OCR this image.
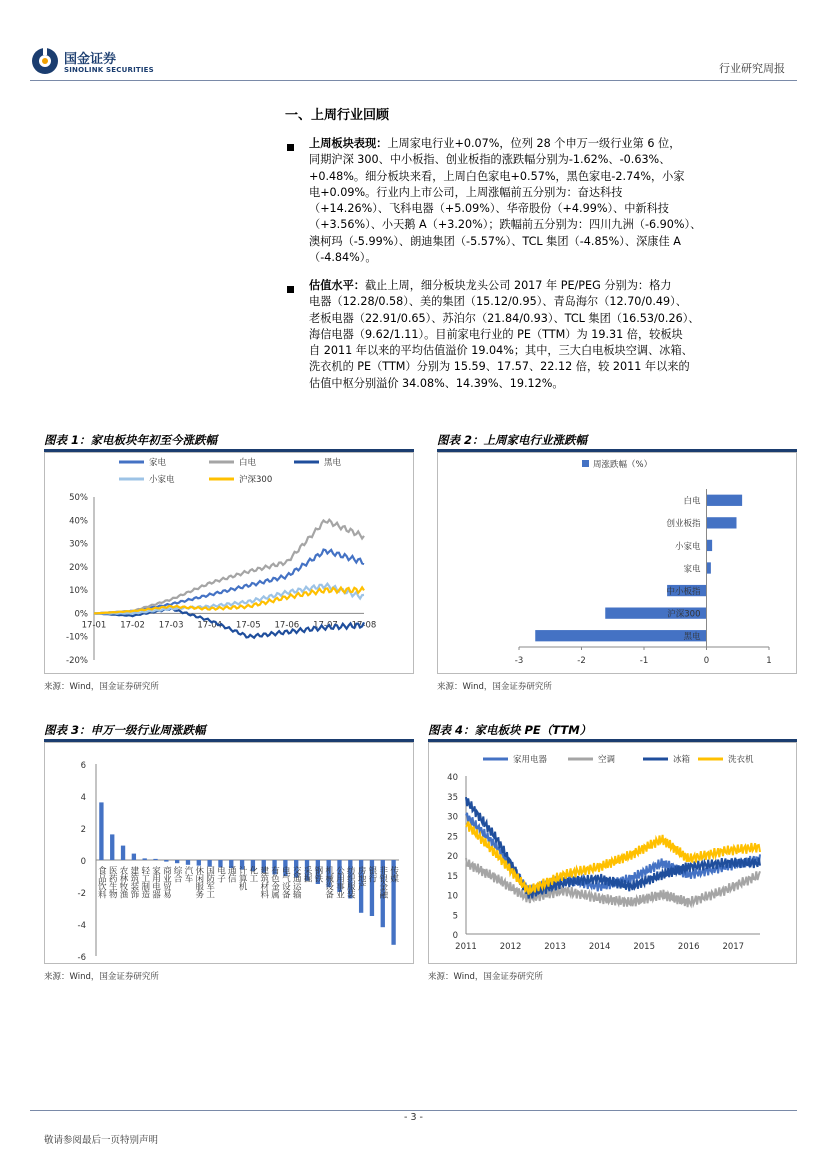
国金证券
SINOLINK SECURITIES	行业研究周报
一、上周行业回顾
上周板块表现：上周家电行业+0.07%，位列 28 个申万一级行业第 6 位，
同期沪深 300、中小板指、创业板指的涨跌幅分别为-1.62%、-0.63%、
+0.48%。细分板块来看，上周白色家电+0.57%，黑色家电-2.74%，小家
电+0.09%。行业内上市公司，上周涨幅前五分别为：奋达科技
（+14.26%）、飞科电器（+5.09%）、华帝股份（+4.99%）、中新科技
（+3.56%）、小天鹅 A（+3.20%）；跌幅前五分别为：四川九洲（-6.90%）、
澳柯玛（-5.99%）、朗迪集团（-5.57%）、TCL 集团（-4.85%）、深康佳 A
（-4.84%）。
估值水平：截止上周，细分板块龙头公司 2017 年 PE/PEG 分别为：格力
电器（12.28/0.58）、美的集团（15.12/0.95）、青岛海尔（12.70/0.49）、
老板电器（22.91/0.65）、苏泊尔（21.84/0.93）、TCL 集团（16.53/0.26）、
海信电器（9.62/1.11）。目前家电行业的 PE（TTM）为 19.31 倍，较板块
自 2011 年以来的平均估值溢价 19.04%；其中，三大白电板块空调、冰箱、
洗衣机的 PE（TTM）分别为 15.59、17.57、22.12 倍，较 2011 年以来的
估值中枢分别溢价 34.08%、14.39%、19.12%。
图表 1：家电板块年初至今涨跌幅
家电	白电	黑电
小家电	沪深300
50%
40%
30%
20%
10%
0%
-10%
-20%
17-01 17-02 17-03 17-04 17-05 17-06 17-07 17-08
来源：Wind，国金证券研究所
图表 2：上周家电行业涨跌幅
周涨跌幅（%）
-3	-2	-1	0	1
白电
创业板指
小家电
家电
中小板指
沪深300
黑电
来源：Wind，国金证券研究所
图表 3：申万一级行业周涨跌幅
6
4
2
0
-2
-4
-6
食品饮料 医药生物 农林牧渔 建筑装饰 轻工制造 家用电器 商业贸易 综合 汽车 休闲服务 国防军工 电子 通信 计算机 化工 建筑材料 有色金属 电气设备 交通运输 采掘 钢铁 机械设备 公用事业 纺织服装 房地产 银行 非银金融 传媒
来源：Wind，国金证券研究所
图表 4：家电板块 PE（TTM）
家用电器	空调	冰箱	洗衣机
40
35
30
25
20
15
10
5
0
2011	2012	2013	2014	2015	2016	2017
来源：Wind，国金证券研究所
- 3 -
敬请参阅最后一页特别声明
